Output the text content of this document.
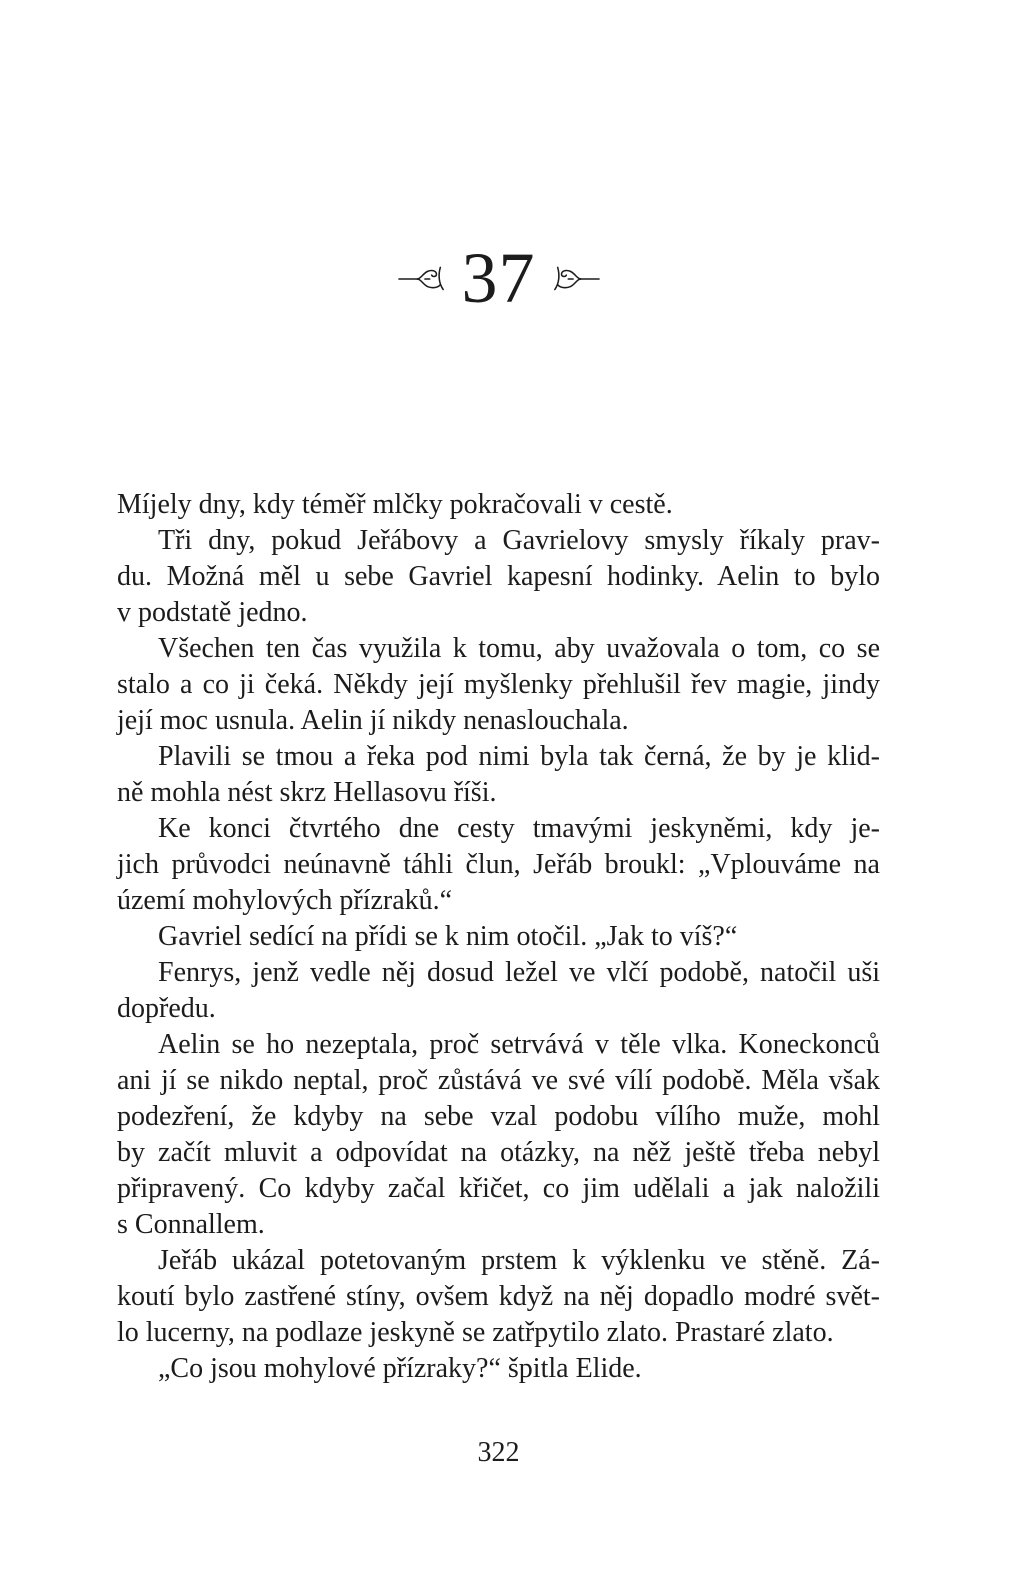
37
Míjely dny, kdy téměř mlčky pokračovali v cestě.
Tři dny, pokud Jeřábovy a Gavrielovy smysly říkaly prav-
du. Možná měl u sebe Gavriel kapesní hodinky. Aelin to bylo
v podstatě jedno.
Všechen ten čas využila k tomu, aby uvažovala o tom, co se
stalo a co ji čeká. Někdy její myšlenky přehlušil řev magie, jindy
její moc usnula. Aelin jí nikdy nenaslouchala.
Plavili se tmou a řeka pod nimi byla tak černá, že by je klid-
ně mohla nést skrz Hellasovu říši.
Ke konci čtvrtého dne cesty tmavými jeskyněmi, kdy je-
jich průvodci neúnavně táhli člun, Jeřáb broukl: „Vplouváme na
území mohylových přízraků.“
Gavriel sedící na přídi se k nim otočil. „Jak to víš?“
Fenrys, jenž vedle něj dosud ležel ve vlčí podobě, natočil uši
dopředu.
Aelin se ho nezeptala, proč setrvává v těle vlka. Koneckonců
ani jí se nikdo neptal, proč zůstává ve své vílí podobě. Měla však
podezření, že kdyby na sebe vzal podobu vílího muže, mohl
by začít mluvit a odpovídat na otázky, na něž ještě třeba nebyl
připravený. Co kdyby začal křičet, co jim udělali a jak naložili
s Connallem.
Jeřáb ukázal potetovaným prstem k výklenku ve stěně. Zá-
koutí bylo zastřené stíny, ovšem když na něj dopadlo modré svět-
lo lucerny, na podlaze jeskyně se zatřpytilo zlato. Prastaré zlato.
„Co jsou mohylové přízraky?“ špitla Elide.
322
